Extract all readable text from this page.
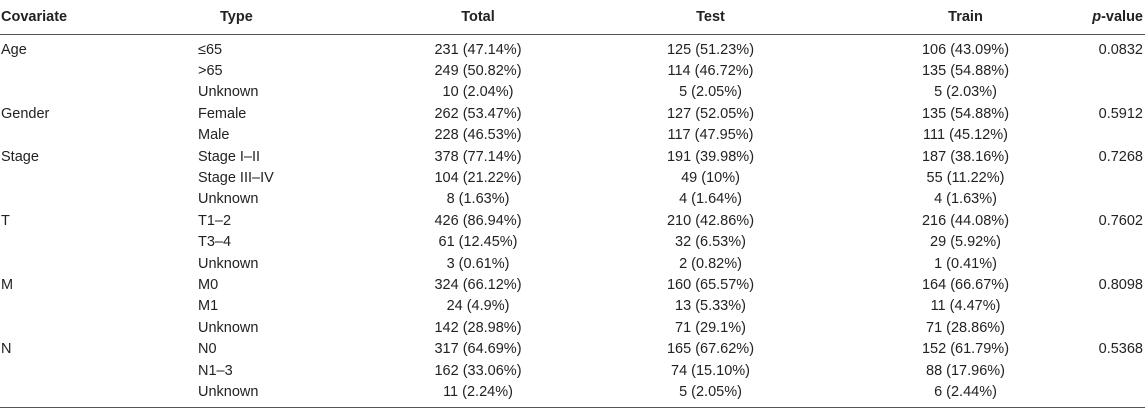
Covariate	Type	Total	Test	Train	p-value
Age	≤65	231 (47.14%)	125 (51.23%)	106 (43.09%)	0.0832
	>65	249 (50.82%)	114 (46.72%)	135 (54.88%)	
	Unknown	10 (2.04%)	5 (2.05%)	5 (2.03%)	
Gender	Female	262 (53.47%)	127 (52.05%)	135 (54.88%)	0.5912
	Male	228 (46.53%)	117 (47.95%)	111 (45.12%)	
Stage	Stage I–II	378 (77.14%)	191 (39.98%)	187 (38.16%)	0.7268
	Stage III–IV	104 (21.22%)	49 (10%)	55 (11.22%)	
	Unknown	8 (1.63%)	4 (1.64%)	4 (1.63%)	
T	T1–2	426 (86.94%)	210 (42.86%)	216 (44.08%)	0.7602
	T3–4	61 (12.45%)	32 (6.53%)	29 (5.92%)	
	Unknown	3 (0.61%)	2 (0.82%)	1 (0.41%)	
M	M0	324 (66.12%)	160 (65.57%)	164 (66.67%)	0.8098
	M1	24 (4.9%)	13 (5.33%)	11 (4.47%)	
	Unknown	142 (28.98%)	71 (29.1%)	71 (28.86%)	
N	N0	317 (64.69%)	165 (67.62%)	152 (61.79%)	0.5368
	N1–3	162 (33.06%)	74 (15.10%)	88 (17.96%)	
	Unknown	11 (2.24%)	5 (2.05%)	6 (2.44%)	
